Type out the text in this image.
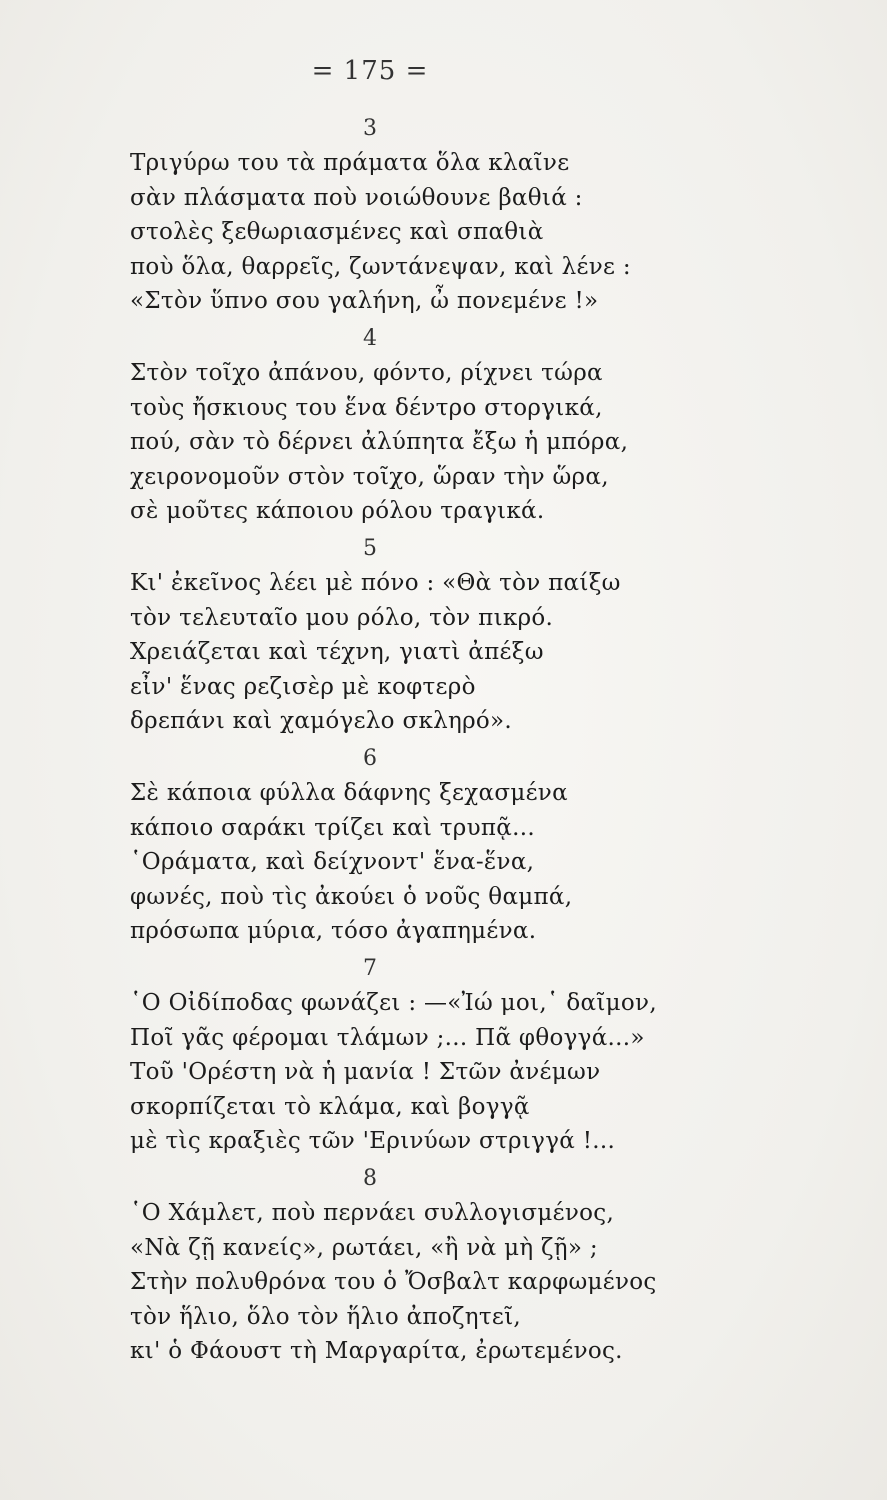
= 175 =
3
Τριγύρω του τὰ πράματα ὅλα κλαῖνε
σὰν πλάσματα ποὺ νοιώθουνε βαθιά :
στολὲς ξεθωριασμένες καὶ σπαθιὰ
ποὺ ὅλα, θαρρεῖς, ζωντάνεψαν, καὶ λένε :
«Στὸν ὕπνο σου γαλήνη, ὦ πονεμένε !»
4
Στὸν τοῖχο ἀπάνου, φόντο, ρίχνει τώρα
τοὺς ἤσκιους του ἕνα δέντρο στοργικά,
πού, σὰν τὸ δέρνει ἀλύπητα ἔξω ἡ μπόρα,
χειρονομοῦν στὸν τοῖχο, ὥραν τὴν ὥρα,
σὲ μοῦτες κάποιου ρόλου τραγικά.
5
Κι' ἐκεῖνος λέει μὲ πόνο : «Θὰ τὸν παίξω
τὸν τελευταῖο μου ρόλο, τὸν πικρό.
Χρειάζεται καὶ τέχνη, γιατὶ ἀπέξω
εἶν' ἕνας ρεζισὲρ μὲ κοφτερὸ
δρεπάνι καὶ χαμόγελο σκληρό».
6
Σὲ κάποια φύλλα δάφνης ξεχασμένα
κάποιο σαράκι τρίζει καὶ τρυπᾷ...
῾Οράματα, καὶ δείχνοντ' ἕνα-ἕνα,
φωνές, ποὺ τὶς ἀκούει ὁ νοῦς θαμπά,
πρόσωπα μύρια, τόσο ἀγαπημένα.
7
῾Ο Οἰδίποδας φωνάζει : —«Ἰώ μοι,῾ δαῖμον,
Ποῖ γᾶς φέρομαι τλάμων ;... Πᾶ φθογγά...»
Τοῦ 'Ορέστη νὰ ἡ μανία ! Στῶν ἀνέμων
σκορπίζεται τὸ κλάμα, καὶ βογγᾷ
μὲ τὶς κραξιὲς τῶν 'Ερινύων στριγγά !...
8
῾Ο Χάμλετ, ποὺ περνάει συλλογισμένος,
«Νὰ ζῇ κανείς», ρωτάει, «ἢ νὰ μὴ ζῇ» ;
Στὴν πολυθρόνα του ὁ Ὄσβαλτ καρφωμένος
τὸν ἥλιο, ὅλο τὸν ἥλιο ἀποζητεῖ,
κι' ὁ Φάουστ τὴ Μαργαρίτα, ἐρωτεμένος.
